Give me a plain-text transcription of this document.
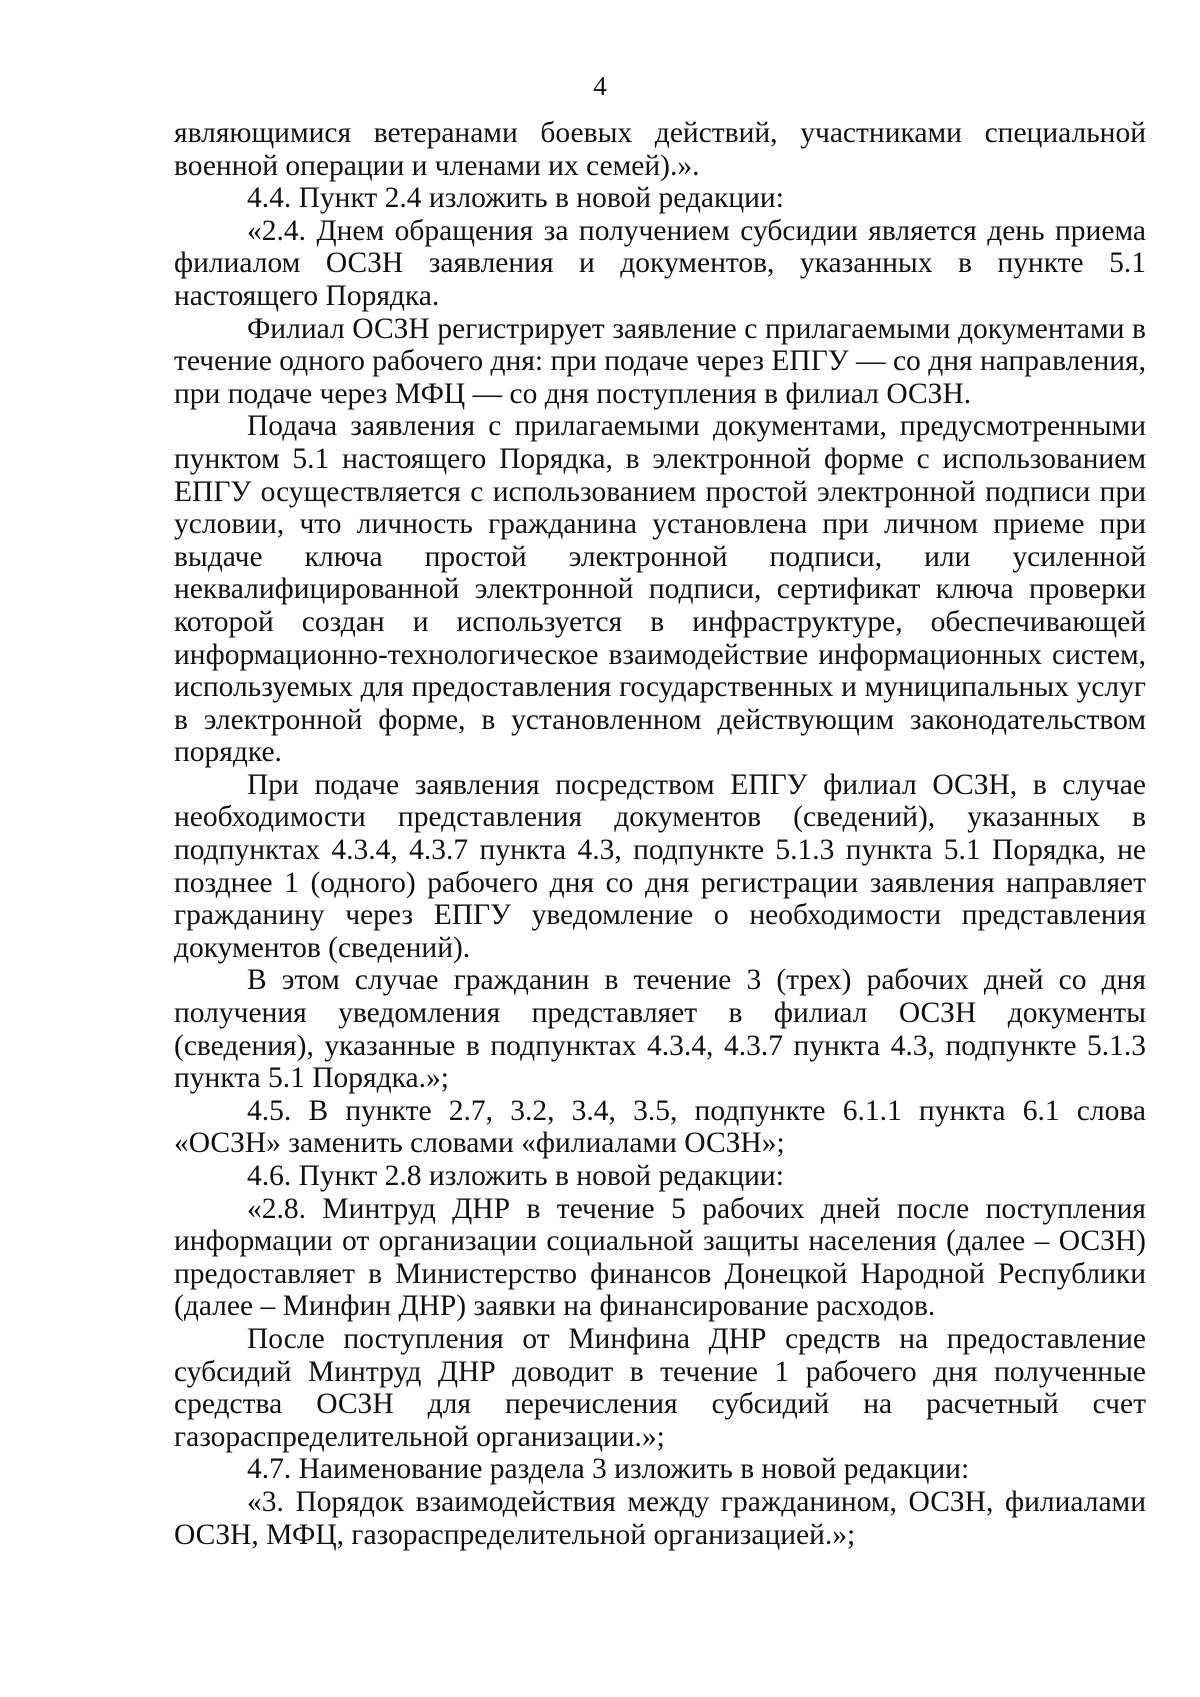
4

являющимися ветеранами боевых действий, участниками специальной военной операции и членами их семей).».

4.4. Пункт 2.4 изложить в новой редакции:

«2.4. Днем обращения за получением субсидии является день приема филиалом ОСЗН заявления и документов, указанных в пункте 5.1 настоящего Порядка.

Филиал ОСЗН регистрирует заявление с прилагаемыми документами в течение одного рабочего дня: при подаче через ЕПГУ — со дня направления, при подаче через МФЦ — со дня поступления в филиал ОСЗН.

Подача заявления с прилагаемыми документами, предусмотренными пунктом 5.1 настоящего Порядка, в электронной форме с использованием ЕПГУ осуществляется с использованием простой электронной подписи при условии, что личность гражданина установлена при личном приеме при выдаче ключа простой электронной подписи, или усиленной неквалифицированной электронной подписи, сертификат ключа проверки которой создан и используется в инфраструктуре, обеспечивающей информационно-технологическое взаимодействие информационных систем, используемых для предоставления государственных и муниципальных услуг в электронной форме, в установленном действующим законодательством порядке.

При подаче заявления посредством ЕПГУ филиал ОСЗН, в случае необходимости представления документов (сведений), указанных в подпунктах 4.3.4, 4.3.7 пункта 4.3, подпункте 5.1.3 пункта 5.1 Порядка, не позднее 1 (одного) рабочего дня со дня регистрации заявления направляет гражданину через ЕПГУ уведомление о необходимости представления документов (сведений).

В этом случае гражданин в течение 3 (трех) рабочих дней со дня получения уведомления представляет в филиал ОСЗН документы (сведения), указанные в подпунктах 4.3.4, 4.3.7 пункта 4.3, подпункте 5.1.3 пункта 5.1 Порядка.»;

4.5. В пункте 2.7, 3.2, 3.4, 3.5, подпункте 6.1.1 пункта 6.1 слова «ОСЗН» заменить словами «филиалами ОСЗН»;

4.6. Пункт 2.8 изложить в новой редакции:

«2.8. Минтруд ДНР в течение 5 рабочих дней после поступления информации от организации социальной защиты населения (далее – ОСЗН) предоставляет в Министерство финансов Донецкой Народной Республики (далее – Минфин ДНР) заявки на финансирование расходов.

После поступления от Минфина ДНР средств на предоставление субсидий Минтруд ДНР доводит в течение 1 рабочего дня полученные средства ОСЗН для перечисления субсидий на расчетный счет газораспределительной организации.»;

4.7. Наименование раздела 3 изложить в новой редакции:

«3. Порядок взаимодействия между гражданином, ОСЗН, филиалами ОСЗН, МФЦ, газораспределительной организацией.»;
